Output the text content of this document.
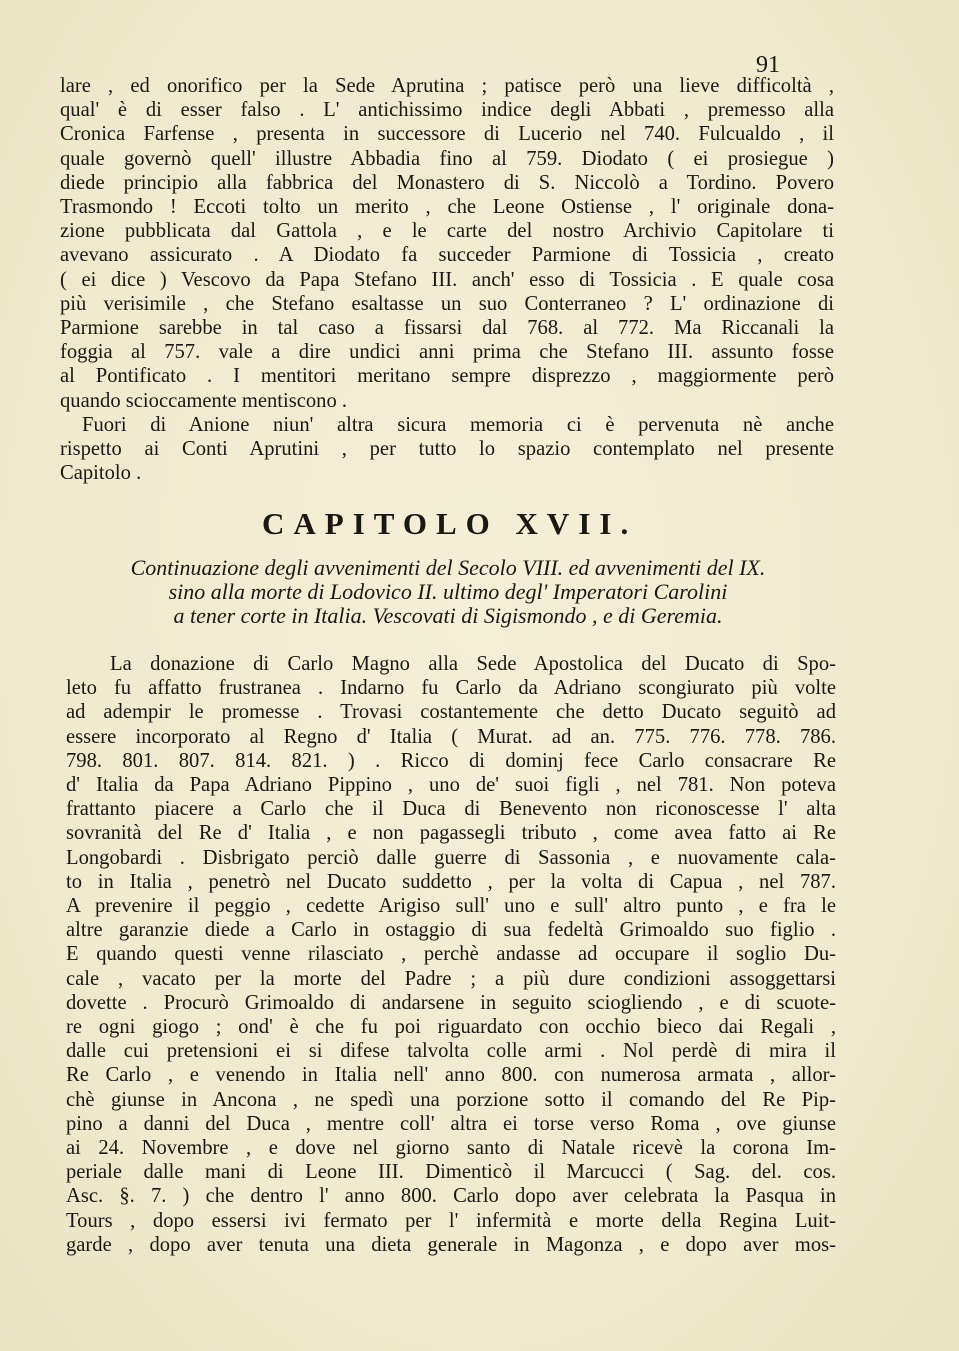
91
lare , ed onorifico per la Sede Aprutina ; patisce però una lieve difficoltà ,
qual' è di esser falso . L' antichissimo indice degli Abbati , premesso alla
Cronica Farfense , presenta in successore di Lucerio nel 740. Fulcualdo , il
quale governò quell' illustre Abbadia fino al 759. Diodato ( ei prosiegue )
diede principio alla fabbrica del Monastero di S. Niccolò a Tordino. Povero
Trasmondo ! Eccoti tolto un merito , che Leone Ostiense , l' originale dona-
zione pubblicata dal Gattola , e le carte del nostro Archivio Capitolare ti
avevano assicurato . A Diodato fa succeder Parmione di Tossicia , creato
( ei dice ) Vescovo da Papa Stefano III. anch' esso di Tossicia . E quale cosa
più verisimile , che Stefano esaltasse un suo Conterraneo ? L' ordinazione di
Parmione sarebbe in tal caso a fissarsi dal 768. al 772. Ma Riccanali la
foggia al 757. vale a dire undici anni prima che Stefano III. assunto fosse
al Pontificato . I mentitori meritano sempre disprezzo , maggiormente però
quando scioccamente mentiscono .
Fuori di Anione niun' altra sicura memoria ci è pervenuta nè anche
rispetto ai Conti Aprutini , per tutto lo spazio contemplato nel presente
Capitolo .
CAPITOLO XVII.
Continuazione degli avvenimenti del Secolo VIII. ed avvenimenti del IX.
sino alla morte di Lodovico II. ultimo degl' Imperatori Carolini
a tener corte in Italia. Vescovati di Sigismondo , e di Geremia.
La donazione di Carlo Magno alla Sede Apostolica del Ducato di Spo-
leto fu affatto frustranea . Indarno fu Carlo da Adriano scongiurato più volte
ad adempir le promesse . Trovasi costantemente che detto Ducato seguitò ad
essere incorporato al Regno d' Italia ( Murat. ad an. 775. 776. 778. 786.
798. 801. 807. 814. 821. ) . Ricco di dominj fece Carlo consacrare Re
d' Italia da Papa Adriano Pippino , uno de' suoi figli , nel 781. Non poteva
frattanto piacere a Carlo che il Duca di Benevento non riconoscesse l' alta
sovranità del Re d' Italia , e non pagassegli tributo , come avea fatto ai Re
Longobardi . Disbrigato perciò dalle guerre di Sassonia , e nuovamente cala-
to in Italia , penetrò nel Ducato suddetto , per la volta di Capua , nel 787.
A prevenire il peggio , cedette Arigiso sull' uno e sull' altro punto , e fra le
altre garanzie diede a Carlo in ostaggio di sua fedeltà Grimoaldo suo figlio .
E quando questi venne rilasciato , perchè andasse ad occupare il soglio Du-
cale , vacato per la morte del Padre ; a più dure condizioni assoggettarsi
dovette . Procurò Grimoaldo di andarsene in seguito sciogliendo , e di scuote-
re ogni giogo ; ond' è che fu poi riguardato con occhio bieco dai Regali ,
dalle cui pretensioni ei si difese talvolta colle armi . Nol perdè di mira il
Re Carlo , e venendo in Italia nell' anno 800. con numerosa armata , allor-
chè giunse in Ancona , ne spedì una porzione sotto il comando del Re Pip-
pino a danni del Duca , mentre coll' altra ei torse verso Roma , ove giunse
ai 24. Novembre , e dove nel giorno santo di Natale ricevè la corona Im-
periale dalle mani di Leone III. Dimenticò il Marcucci ( Sag. del. cos.
Asc. §. 7. ) che dentro l' anno 800. Carlo dopo aver celebrata la Pasqua in
Tours , dopo essersi ivi fermato per l' infermità e morte della Regina Luit-
garde , dopo aver tenuta una dieta generale in Magonza , e dopo aver mos-
